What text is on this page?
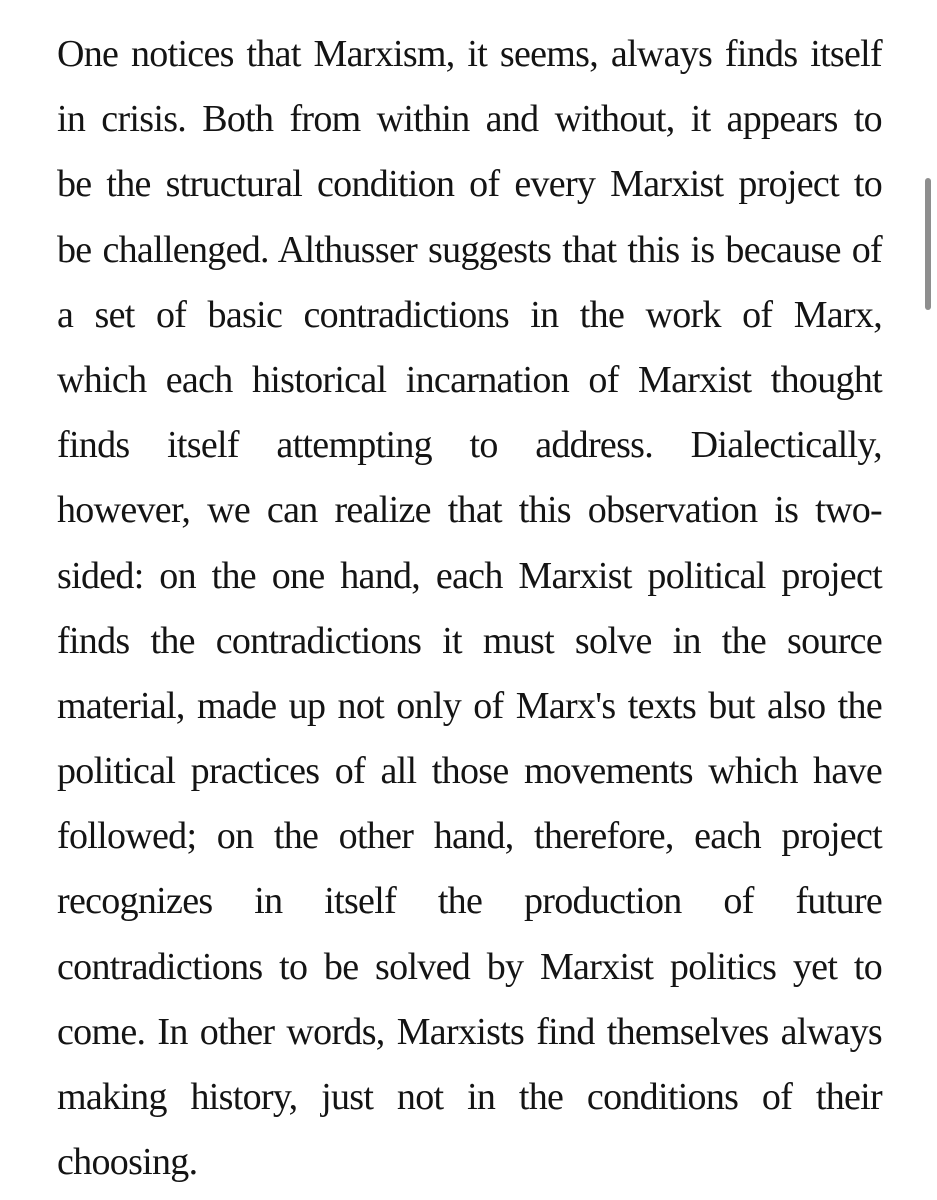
One notices that Marxism, it seems, always finds itself
in crisis. Both from within and without, it appears to
be the structural condition of every Marxist project to
be challenged. Althusser suggests that this is because of
a set of basic contradictions in the work of Marx,
which each historical incarnation of Marxist thought
finds itself attempting to address. Dialectically,
however, we can realize that this observation is two-
sided: on the one hand, each Marxist political project
finds the contradictions it must solve in the source
material, made up not only of Marx's texts but also the
political practices of all those movements which have
followed; on the other hand, therefore, each project
recognizes in itself the production of future
contradictions to be solved by Marxist politics yet to
come. In other words, Marxists find themselves always
making history, just not in the conditions of their
choosing.
